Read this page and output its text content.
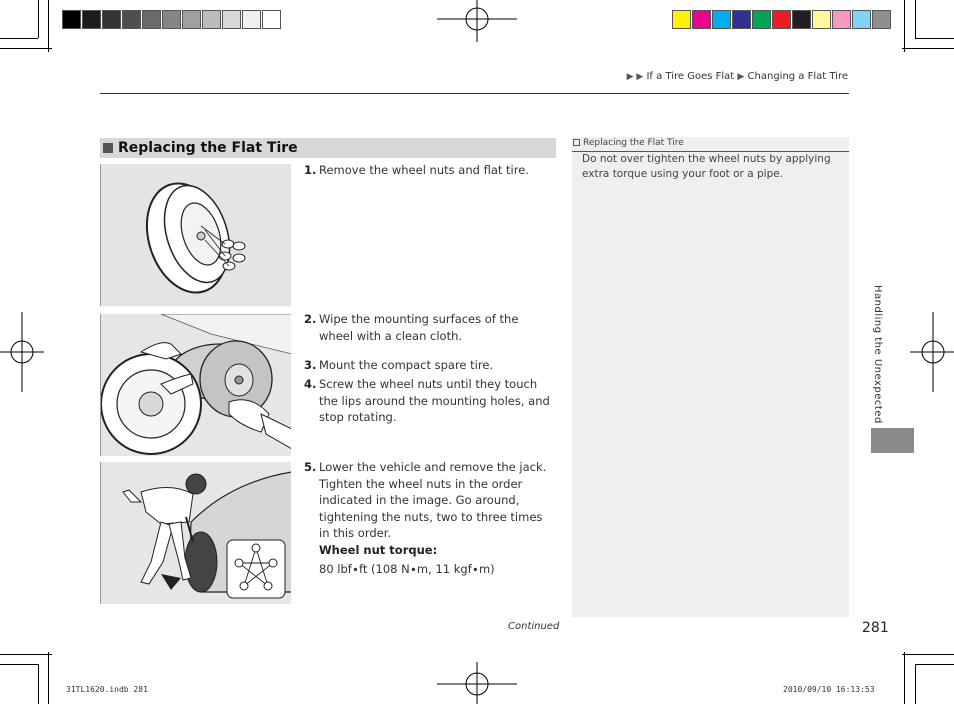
▶ ▶ If a Tire Goes Flat ▶ Changing a Flat Tire
Replacing the Flat Tire
1. Remove the wheel nuts and flat tire.
2. Wipe the mounting surfaces of the wheel with a clean cloth.
3. Mount the compact spare tire.
4. Screw the wheel nuts until they touch the lips around the mounting holes, and stop rotating.
5. Lower the vehicle and remove the jack. Tighten the wheel nuts in the order indicated in the image. Go around, tightening the nuts, two to three times in this order.
Wheel nut torque:
80 lbf∙ft (108 N∙m, 11 kgf∙m)
Replacing the Flat Tire
Do not over tighten the wheel nuts by applying extra torque using your foot or a pipe.
Handling the Unexpected
Continued	281
31TL1620.indb 281	2010/09/10 16:13:53
